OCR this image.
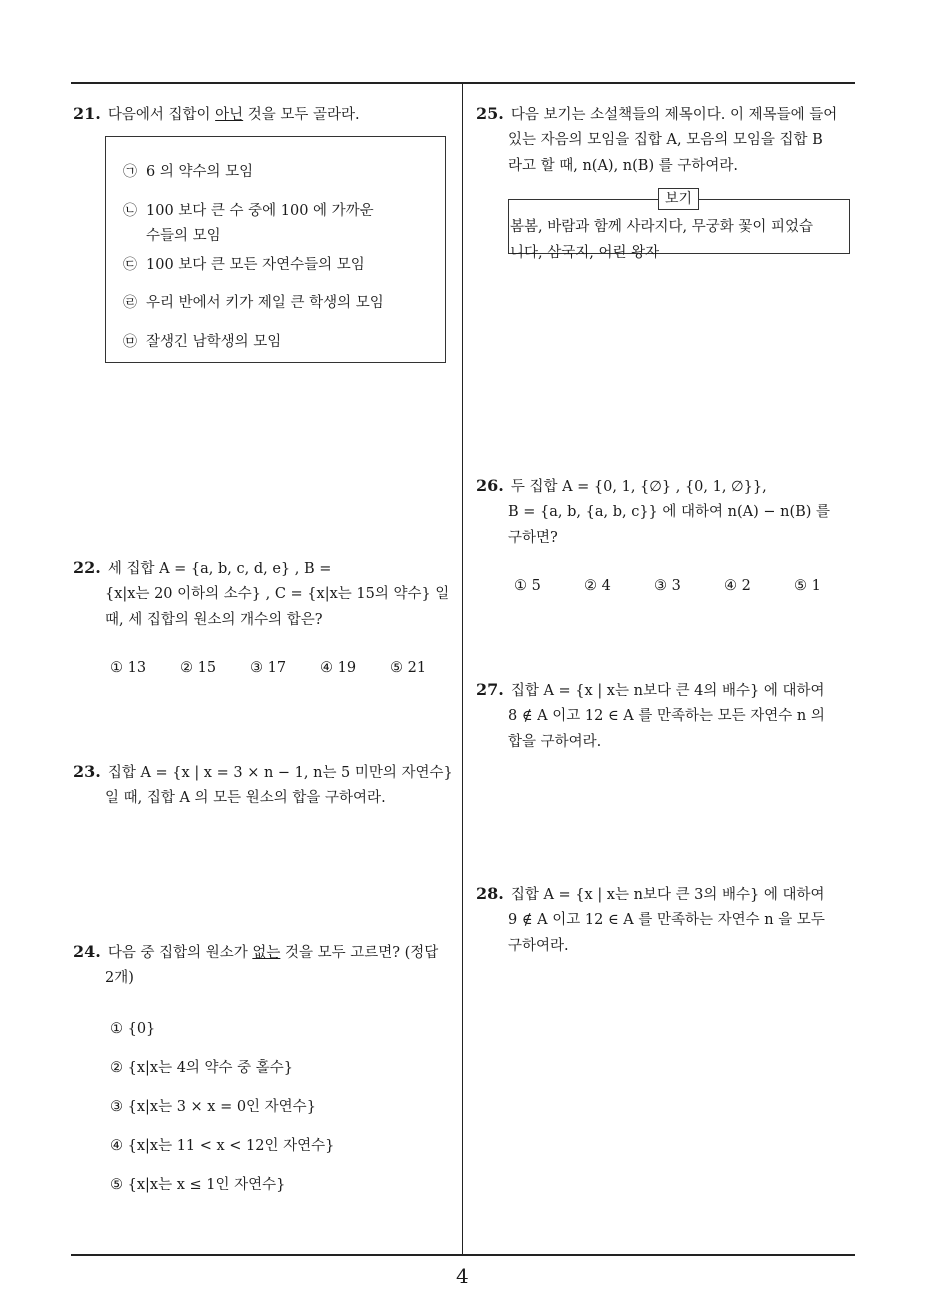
4
21. 다음에서 집합이 아닌 것을 모두 골라라.
㉠ 6 의 약수의 모임
㉡ 100 보다 큰 수 중에 100 에 가까운
수들의 모임
㉢ 100 보다 큰 모든 자연수들의 모임
㉣ 우리 반에서 키가 제일 큰 학생의 모임
㉤ 잘생긴 남학생의 모임
22. 세 집합 A = {a, b, c, d, e} , B =
{x|x는 20 이하의 소수} , C = {x|x는 15의 약수} 일
때, 세 집합의 원소의 개수의 합은?
① 13 ② 15 ③ 17 ④ 19 ⑤ 21
23. 집합 A = {x | x = 3 × n − 1, n는 5 미만의 자연수}
일 때, 집합 A 의 모든 원소의 합을 구하여라.
24. 다음 중 집합의 원소가 없는 것을 모두 고르면? (정답
2개)
① {0}
② {x|x는 4의 약수 중 홀수}
③ {x|x는 3 × x = 0인 자연수}
④ {x|x는 11 < x < 12인 자연수}
⑤ {x|x는 x ≤ 1인 자연수}
25. 다음 보기는 소설책들의 제목이다. 이 제목들에 들어
있는 자음의 모임을 집합 A, 모음의 모임을 집합 B
라고 할 때, n(A), n(B) 를 구하여라.
보기
봄봄, 바람과 함께 사라지다, 무궁화 꽃이 피었습
니다, 삼국지, 어린 왕자
26. 두 집합 A = {0, 1, {∅} , {0, 1, ∅}},
B = {a, b, {a, b, c}} 에 대하여 n(A) − n(B) 를
구하면?
① 5	② 4	③ 3	④ 2	⑤ 1
27. 집합 A = {x | x는 n보다 큰 4의 배수} 에 대하여
8 ∉ A 이고 12 ∈ A 를 만족하는 모든 자연수 n 의
합을 구하여라.
28. 집합 A = {x | x는 n보다 큰 3의 배수} 에 대하여
9 ∉ A 이고 12 ∈ A 를 만족하는 자연수 n 을 모두
구하여라.
